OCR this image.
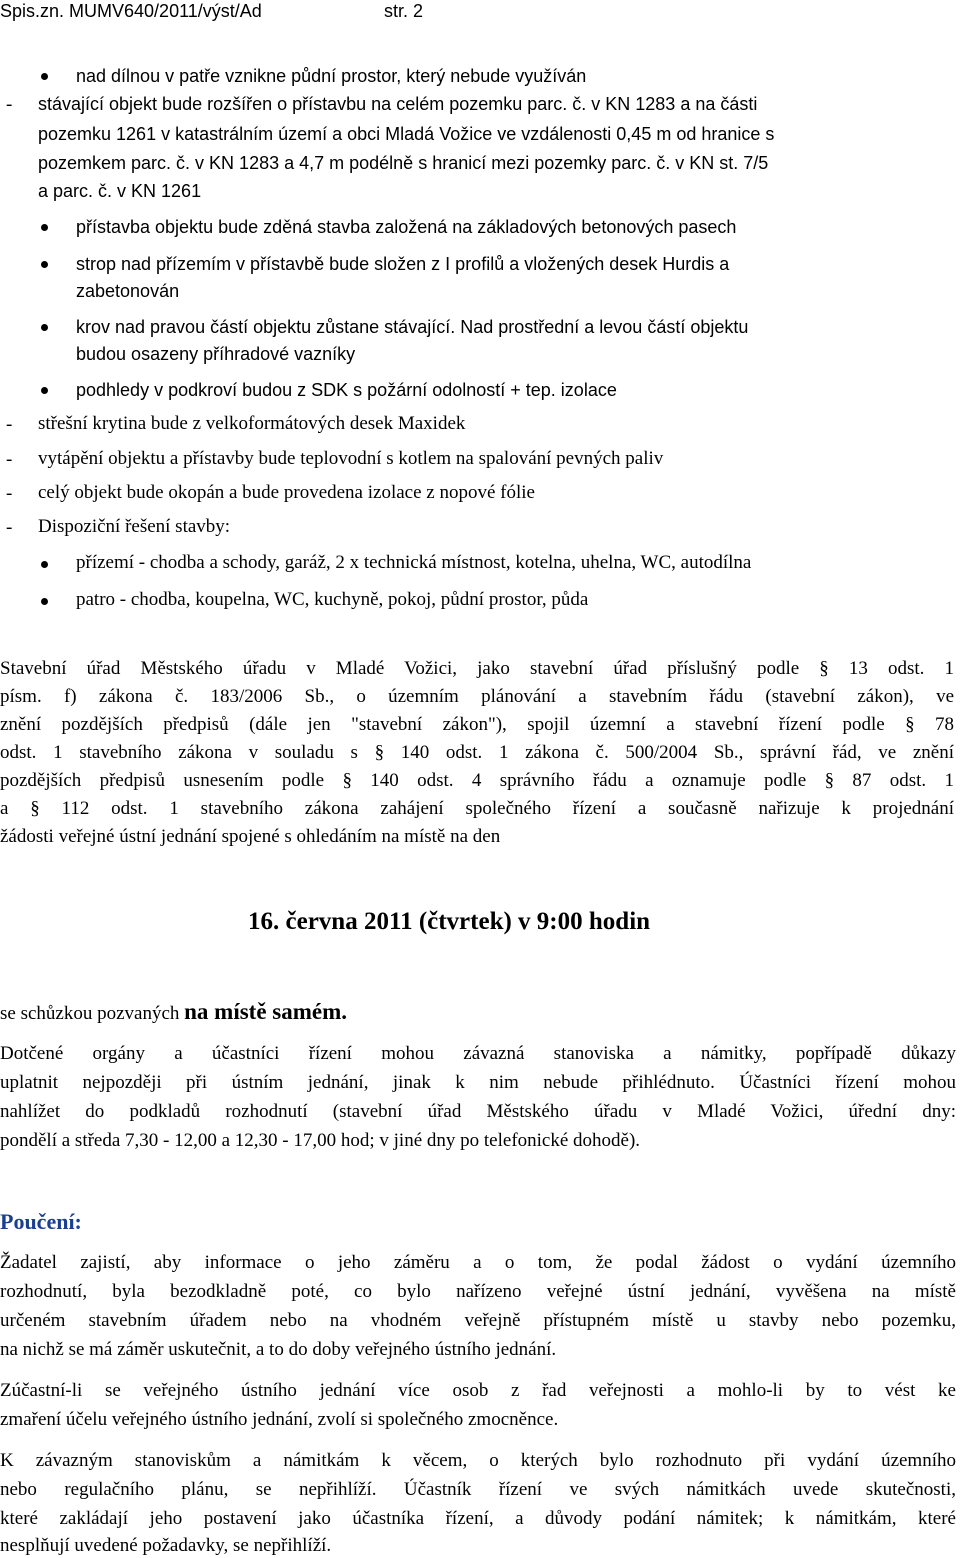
Spis.zn. MUMV640/2011/výst/Ad	str. 2
nad dílnou v patře vznikne půdní prostor, který nebude využíván
- stávající objekt bude rozšířen o přístavbu na celém pozemku parc. č. v KN 1283 a na části
pozemku 1261 v katastrálním území a obci Mladá Vožice ve vzdálenosti 0,45 m od hranice s
pozemkem parc. č. v KN 1283 a 4,7 m podélně s hranicí mezi pozemky parc. č. v KN st. 7/5
a parc. č. v KN 1261
přístavba objektu bude zděná stavba založená na základových betonových pasech
strop nad přízemím v přístavbě bude složen z I profilů a vložených desek Hurdis a
zabetonován
krov nad pravou částí objektu zůstane stávající. Nad prostřední a levou částí objektu
budou osazeny příhradové vazníky
podhledy v podkroví budou z SDK s požární odolností + tep. izolace
- střešní krytina bude z velkoformátových desek Maxidek
- vytápění objektu a přístavby bude teplovodní s kotlem na spalování pevných paliv
- celý objekt bude okopán a bude provedena izolace z nopové fólie
- Dispoziční řešení stavby:
přízemí - chodba a schody, garáž, 2 x technická místnost, kotelna, uhelna, WC, autodílna
patro - chodba, koupelna, WC, kuchyně, pokoj, půdní prostor, půda
Stavební úřad Městského úřadu v Mladé Vožici, jako stavební úřad příslušný podle § 13 odst. 1
písm. f) zákona č. 183/2006 Sb., o územním plánování a stavebním řádu (stavební zákon), ve
znění pozdějších předpisů (dále jen "stavební zákon"), spojil územní a stavební řízení podle § 78
odst. 1 stavebního zákona v souladu s § 140 odst. 1 zákona č. 500/2004 Sb., správní řád, ve znění
pozdějších předpisů usnesením podle § 140 odst. 4 správního řádu a oznamuje podle § 87 odst. 1
a § 112 odst. 1 stavebního zákona zahájení společného řízení a současně nařizuje k projednání
žádosti veřejné ústní jednání spojené s ohledáním na místě na den
16. června 2011 (čtvrtek) v 9:00 hodin
se schůzkou pozvaných na místě samém.
Dotčené orgány a účastníci řízení mohou závazná stanoviska a námitky, popřípadě důkazy
uplatnit nejpozději při ústním jednání, jinak k nim nebude přihlédnuto. Účastníci řízení mohou
nahlížet do podkladů rozhodnutí (stavební úřad Městského úřadu v Mladé Vožici, úřední dny:
pondělí a středa 7,30 - 12,00 a 12,30 - 17,00 hod; v jiné dny po telefonické dohodě).
Poučení:
Žadatel zajistí, aby informace o jeho záměru a o tom, že podal žádost o vydání územního
rozhodnutí, byla bezodkladně poté, co bylo nařízeno veřejné ústní jednání, vyvěšena na místě
určeném stavebním úřadem nebo na vhodném veřejně přístupném místě u stavby nebo pozemku,
na nichž se má záměr uskutečnit, a to do doby veřejného ústního jednání.
Zúčastní-li se veřejného ústního jednání více osob z řad veřejnosti a mohlo-li by to vést ke
zmaření účelu veřejného ústního jednání, zvolí si společného zmocněnce.
K závazným stanoviskům a námitkám k věcem, o kterých bylo rozhodnuto při vydání územního
nebo regulačního plánu, se nepřihlíží. Účastník řízení ve svých námitkách uvede skutečnosti,
které zakládají jeho postavení jako účastníka řízení, a důvody podání námitek; k námitkám, které
nesplňují uvedené požadavky, se nepřihlíží.
